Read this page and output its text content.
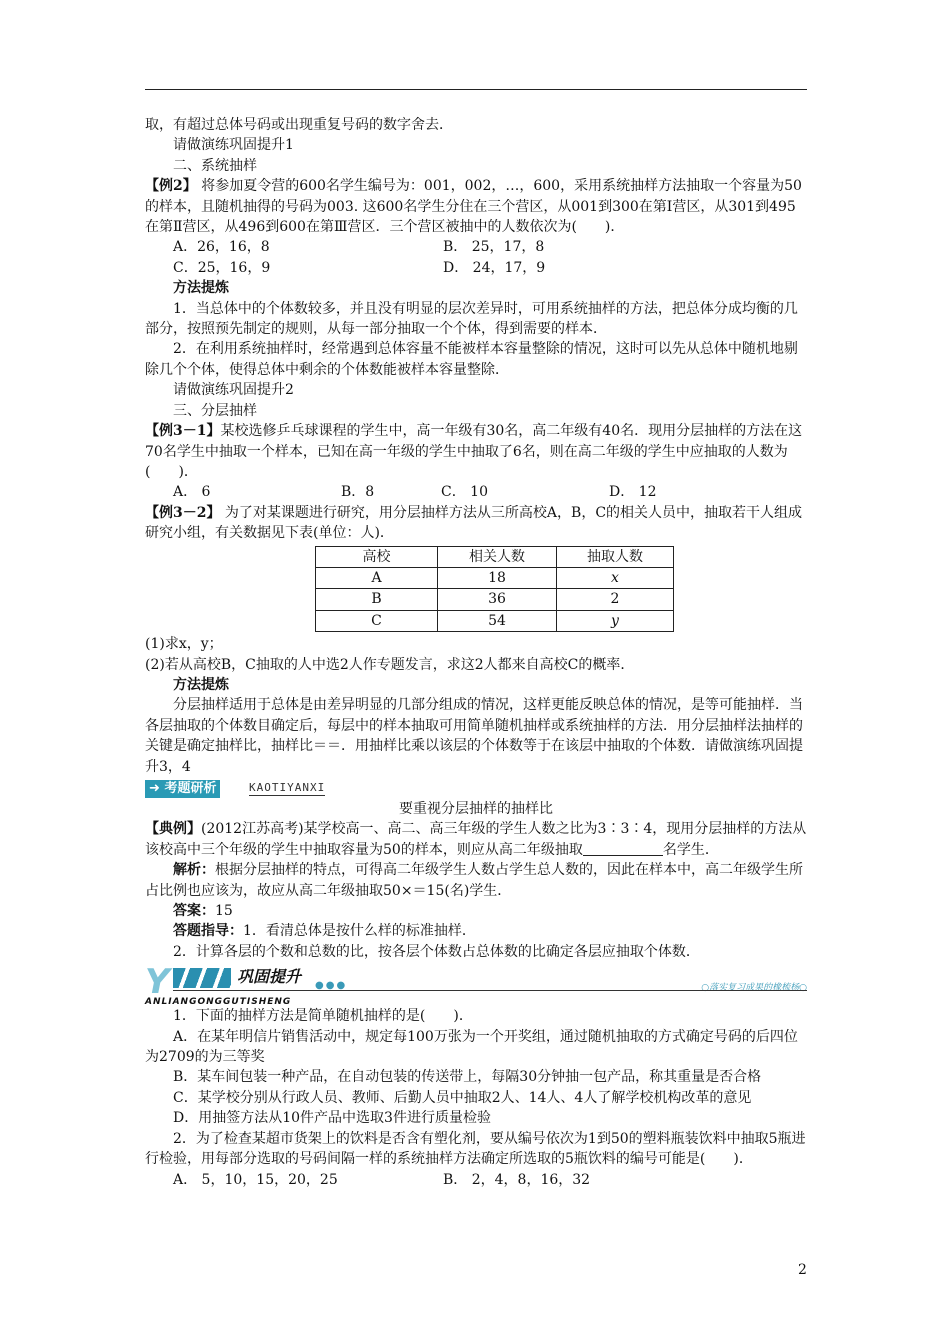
取，有超过总体号码或出现重复号码的数字舍去．

请做演练巩固提升1

二、系统抽样

【例2】 将参加夏令营的600名学生编号为：001，002，…，600，采用系统抽样方法抽取一个容量为50的样本，且随机抽得的号码为003. 这600名学生分住在三个营区，从001到300在第Ⅰ营区，从301到495在第Ⅱ营区，从496到600在第Ⅲ营区．三个营区被抽中的人数依次为(　　)．

A．26，16，8	B． 25，17，8
C．25，16，9	D． 24，17，9

方法提炼

1．当总体中的个体数较多，并且没有明显的层次差异时，可用系统抽样的方法，把总体分成均衡的几部分，按照预先制定的规则，从每一部分抽取一个个体，得到需要的样本．

2．在利用系统抽样时，经常遇到总体容量不能被样本容量整除的情况，这时可以先从总体中随机地剔除几个个体，使得总体中剩余的个体数能被样本容量整除．

请做演练巩固提升2

三、分层抽样

【例3－1】某校选修乒乓球课程的学生中，高一年级有30名，高二年级有40名．现用分层抽样的方法在这70名学生中抽取一个样本，已知在高一年级的学生中抽取了6名，则在高二年级的学生中应抽取的人数为(　　)．

A． 6	B．8	C． 10	D． 12

【例3－2】 为了对某课题进行研究，用分层抽样方法从三所高校A，B，C的相关人员中，抽取若干人组成研究小组，有关数据见下表(单位：人)．

高校	相关人数	抽取人数
A	18	x
B	36	2
C	54	y

(1)求x，y；

(2)若从高校B，C抽取的人中选2人作专题发言，求这2人都来自高校C的概率．

方法提炼

分层抽样适用于总体是由差异明显的几部分组成的情况，这样更能反映总体的情况，是等可能抽样．当各层抽取的个体数目确定后，每层中的样本抽取可用简单随机抽样或系统抽样的方法．用分层抽样法抽样的关键是确定抽样比，抽样比＝＝．用抽样比乘以该层的个体数等于在该层中抽取的个体数．请做演练巩固提升3，4

➜ 考题研析	KAOTIYANXI

要重视分层抽样的抽样比

【典例】(2012江苏高考)某学校高一、高二、高三年级的学生人数之比为3∶3∶4，现用分层抽样的方法从该校高中三个年级的学生中抽取容量为50的样本，则应从高二年级抽取	名学生．

解析：根据分层抽样的特点，可得高二年级学生人数占学生总人数的，因此在样本中，高二年级学生所占比例也应该为，故应从高二年级抽取50×＝15(名)学生．

答案：15

答题指导：1．看清总体是按什么样的标准抽样．

2．计算各层的个数和总数的比，按各层个体数占总体数的比确定各层应抽取个体数．

Y	巩固提升 ●●●	○落实复习成果的橡梳杨○
ANLIANGONGGUTISHENG

1．下面的抽样方法是简单随机抽样的是(　　)．

A．在某年明信片销售活动中，规定每100万张为一个开奖组，通过随机抽取的方式确定号码的后四位为2709的为三等奖

B．某车间包装一种产品，在自动包装的传送带上，每隔30分钟抽一包产品，称其重量是否合格

C．某学校分别从行政人员、教师、后勤人员中抽取2人、14人、4人了解学校机构改革的意见

D．用抽签方法从10件产品中选取3件进行质量检验

2．为了检查某超市货架上的饮料是否含有塑化剂，要从编号依次为1到50的塑料瓶装饮料中抽取5瓶进行检验，用每部分选取的号码间隔一样的系统抽样方法确定所选取的5瓶饮料的编号可能是(　　)．

A． 5，10，15，20，25	B． 2，4，8，16，32
2
